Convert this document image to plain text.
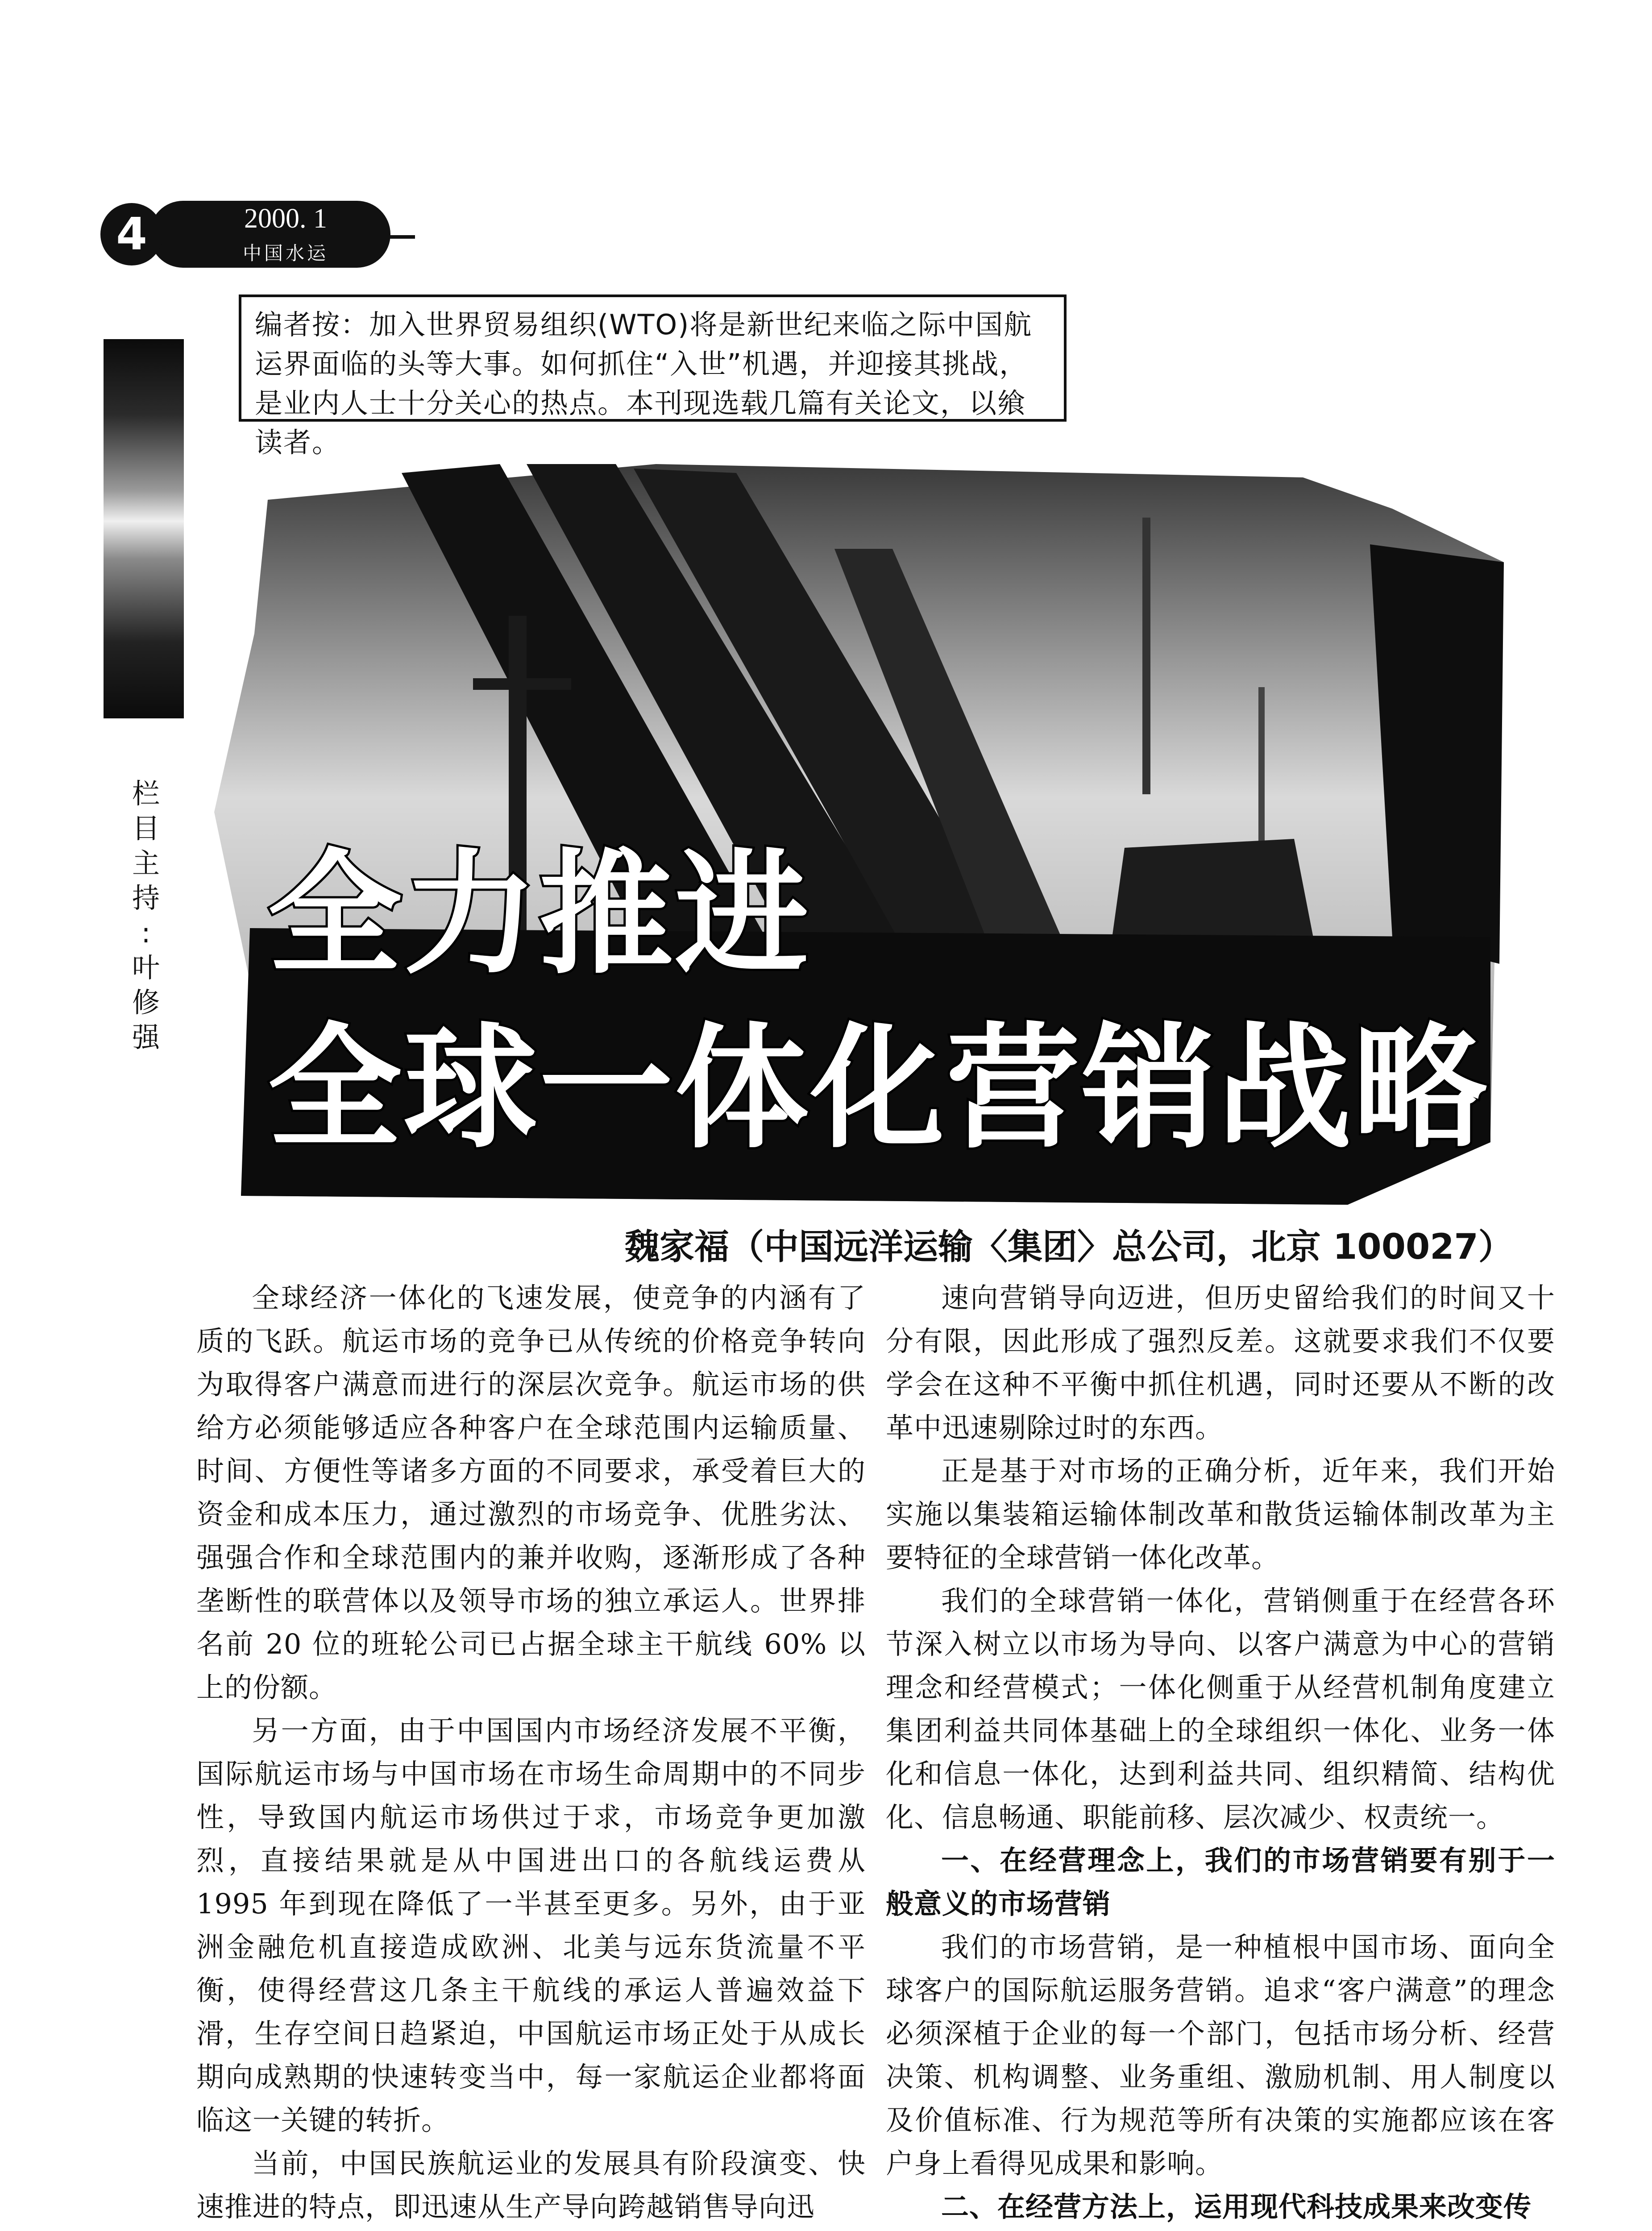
4	2000. 1
中国水运
编者按：加入世界贸易组织(WTO)将是新世纪来临之际中国航运界面临的头等大事。如何抓住“入世”机遇，并迎接其挑战，是业内人士十分关心的热点。本刊现选载几篇有关论文，以飨读者。
栏
目
主
持
:
叶
修
强
全力推进
全球一体化营销战略
魏家福（中国远洋运输〈集团〉总公司，北京 100027）

全球经济一体化的飞速发展，使竞争的内涵有了质的飞跃。航运市场的竞争已从传统的价格竞争转向为取得客户满意而进行的深层次竞争。航运市场的供给方必须能够适应各种客户在全球范围内运输质量、时间、方便性等诸多方面的不同要求，承受着巨大的资金和成本压力，通过激烈的市场竞争、优胜劣汰、强强合作和全球范围内的兼并收购，逐渐形成了各种垄断性的联营体以及领导市场的独立承运人。世界排名前 20 位的班轮公司已占据全球主干航线 60% 以上的份额。

另一方面，由于中国国内市场经济发展不平衡，国际航运市场与中国市场在市场生命周期中的不同步性，导致国内航运市场供过于求，市场竞争更加激烈，直接结果就是从中国进出口的各航线运费从 1995 年到现在降低了一半甚至更多。另外，由于亚洲金融危机直接造成欧洲、北美与远东货流量不平衡，使得经营这几条主干航线的承运人普遍效益下滑，生存空间日趋紧迫，中国航运市场正处于从成长期向成熟期的快速转变当中，每一家航运企业都将面临这一关键的转折。

当前，中国民族航运业的发展具有阶段演变、快速推进的特点，即迅速从生产导向跨越销售导向迅

速向营销导向迈进，但历史留给我们的时间又十分有限，因此形成了强烈反差。这就要求我们不仅要学会在这种不平衡中抓住机遇，同时还要从不断的改革中迅速剔除过时的东西。

正是基于对市场的正确分析，近年来，我们开始实施以集装箱运输体制改革和散货运输体制改革为主要特征的全球营销一体化改革。

我们的全球营销一体化，营销侧重于在经营各环节深入树立以市场为导向、以客户满意为中心的营销理念和经营模式；一体化侧重于从经营机制角度建立集团利益共同体基础上的全球组织一体化、业务一体化和信息一体化，达到利益共同、组织精简、结构优化、信息畅通、职能前移、层次减少、权责统一。

一、在经营理念上，我们的市场营销要有别于一般意义的市场营销

我们的市场营销，是一种植根中国市场、面向全球客户的国际航运服务营销。追求“客户满意”的理念必须深植于企业的每一个部门，包括市场分析、经营决策、机构调整、业务重组、激励机制、用人制度以及价值标准、行为规范等所有决策的实施都应该在客户身上看得见成果和影响。

二、在经营方法上，运用现代科技成果来改变传
